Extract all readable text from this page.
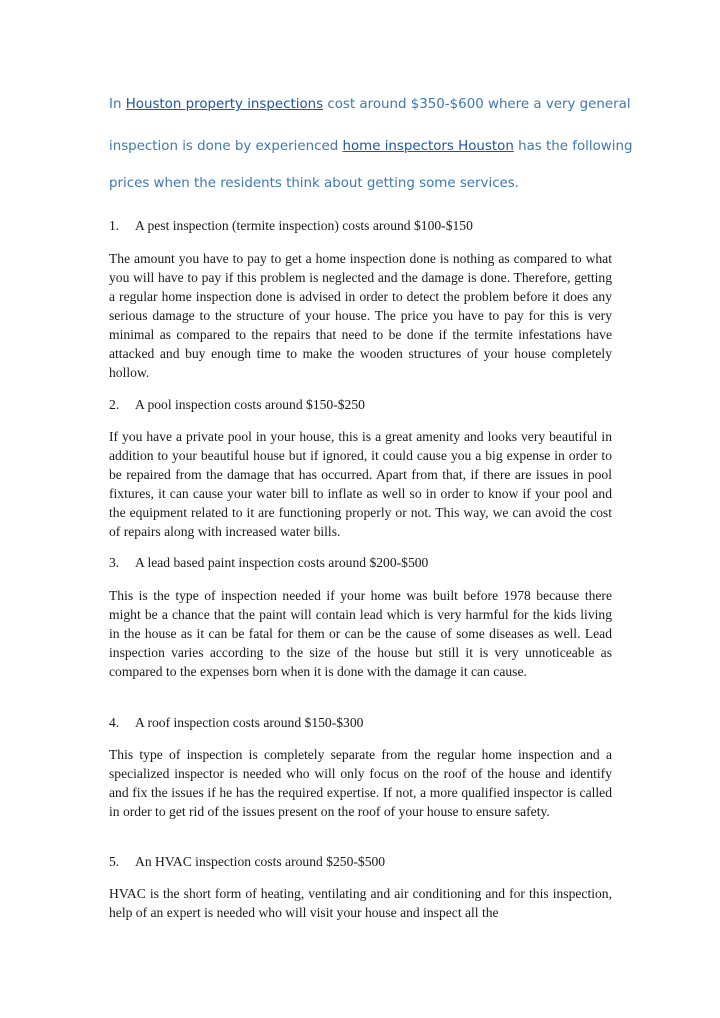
In Houston property inspections cost around $350-$600 where a very general
inspection is done by experienced home inspectors Houston has the following
prices when the residents think about getting some services.
1. A pest inspection (termite inspection) costs around $100-$150
The amount you have to pay to get a home inspection done is nothing as compared to what you will have to pay if this problem is neglected and the damage is done. Therefore, getting a regular home inspection done is advised in order to detect the problem before it does any serious damage to the structure of your house. The price you have to pay for this is very minimal as compared to the repairs that need to be done if the termite infestations have attacked and buy enough time to make the wooden structures of your house completely hollow.
2. A pool inspection costs around $150-$250
If you have a private pool in your house, this is a great amenity and looks very beautiful in addition to your beautiful house but if ignored, it could cause you a big expense in order to be repaired from the damage that has occurred. Apart from that, if there are issues in pool fixtures, it can cause your water bill to inflate as well so in order to know if your pool and the equipment related to it are functioning properly or not. This way, we can avoid the cost of repairs along with increased water bills.
3. A lead based paint inspection costs around $200-$500
This is the type of inspection needed if your home was built before 1978 because there might be a chance that the paint will contain lead which is very harmful for the kids living in the house as it can be fatal for them or can be the cause of some diseases as well. Lead inspection varies according to the size of the house but still it is very unnoticeable as compared to the expenses born when it is done with the damage it can cause.
4. A roof inspection costs around $150-$300
This type of inspection is completely separate from the regular home inspection and a specialized inspector is needed who will only focus on the roof of the house and identify and fix the issues if he has the required expertise. If not, a more qualified inspector is called in order to get rid of the issues present on the roof of your house to ensure safety.
5. An HVAC inspection costs around $250-$500
HVAC is the short form of heating, ventilating and air conditioning and for this inspection, help of an expert is needed who will visit your house and inspect all the
